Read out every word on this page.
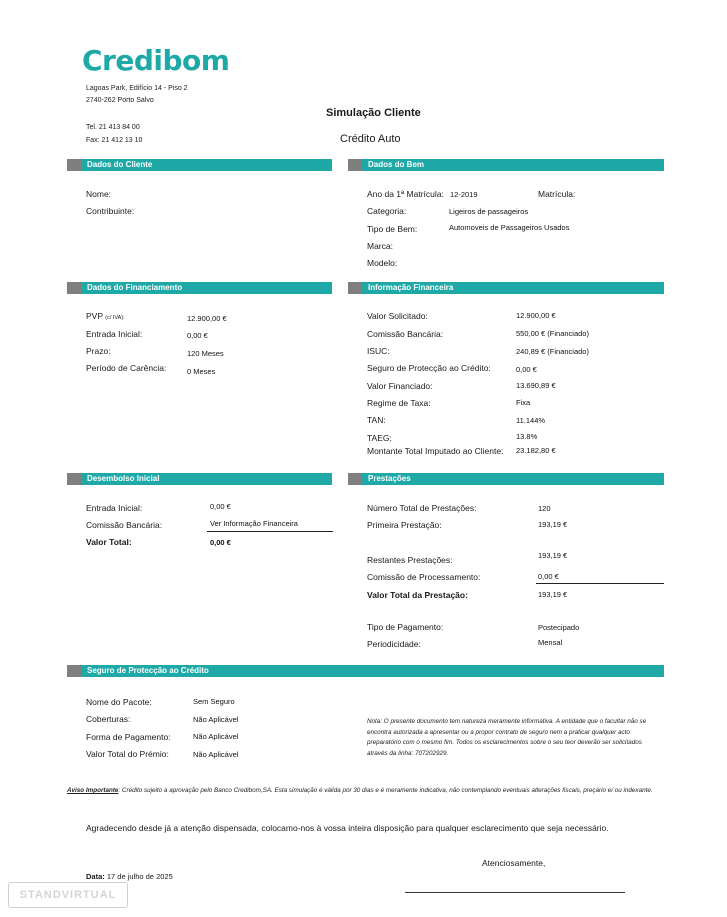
Credibom
Lagoas Park, Edifício 14 - Piso 2
2740-262 Porto Salvo
Tel. 21 413 84 00
Fax: 21 412 13 10
Simulação Cliente
Crédito Auto
Dados do Cliente	Dados do Bem
Nome:
Contribuinte:
Ano da 1ª Matrícula: 12-2019	Matrícula:
Categoria:	Ligeiros de passageiros
Tipo de Bem:	Automoveis de Passageiros Usados
Marca:
Modelo:
Dados do Financiamento	Informação Financeira
PVP (c/ IVA):	12.900,00 €
Entrada Inicial:	0,00 €
Prazo:	120 Meses
Período de Carência:	0 Meses
Valor Solicitado:	12.900,00 €
Comissão Bancária:	550,00 € (Financiado)
ISUC:	240,89 € (Financiado)
Seguro de Protecção ao Crédito:	0,00 €
Valor Financiado:	13.690,89 €
Regime de Taxa:	Fixa
TAN:	11.144%
TAEG:	13.8%
Montante Total Imputado ao Cliente: 23.182,80 €
Desembolso Inicial	Prestações
Entrada Inicial:	0,00 €
Comissão Bancária:	Ver Informação Financeira
Valor Total:	0,00 €
Número Total de Prestações:	120
Primeira Prestação:	193,19 €
Restantes Prestações:	193,19 €
Comissão de Processamento:	0,00 €
Valor Total da Prestação:	193,19 €
Tipo de Pagamento:	Postecipado
Periodicidade:	Mensal
Seguro de Protecção ao Crédito
Nome do Pacote:	Sem Seguro
Coberturas:	Não Aplicável
Forma de Pagamento:	Não Aplicável
Valor Total do Prémio:	Não Aplicável
Nota: O presente documento tem natureza meramente informativa. A entidade que o facultar não se encontra autorizada a apresentar ou a propor contrato de seguro nem a praticar qualquer acto preparatório com o mesmo fim. Todos os esclarecimentos sobre o seu teor deverão ser solicitados através da linha: 707202929.
Aviso Importante: Crédito sujeito a aprovação pelo Banco Credibom,SA. Esta simulação é válida por 30 dias e é meramente indicativa, não contemplando eventuais alterações fiscais, preçário e/ ou indexante.
Agradecendo desde já a atenção dispensada, colocamo-nos à vossa inteira disposição para qualquer esclarecimento que seja necessário.
Atenciosamente,
Data: 17 de julho de 2025
STANDVIRTUAL
